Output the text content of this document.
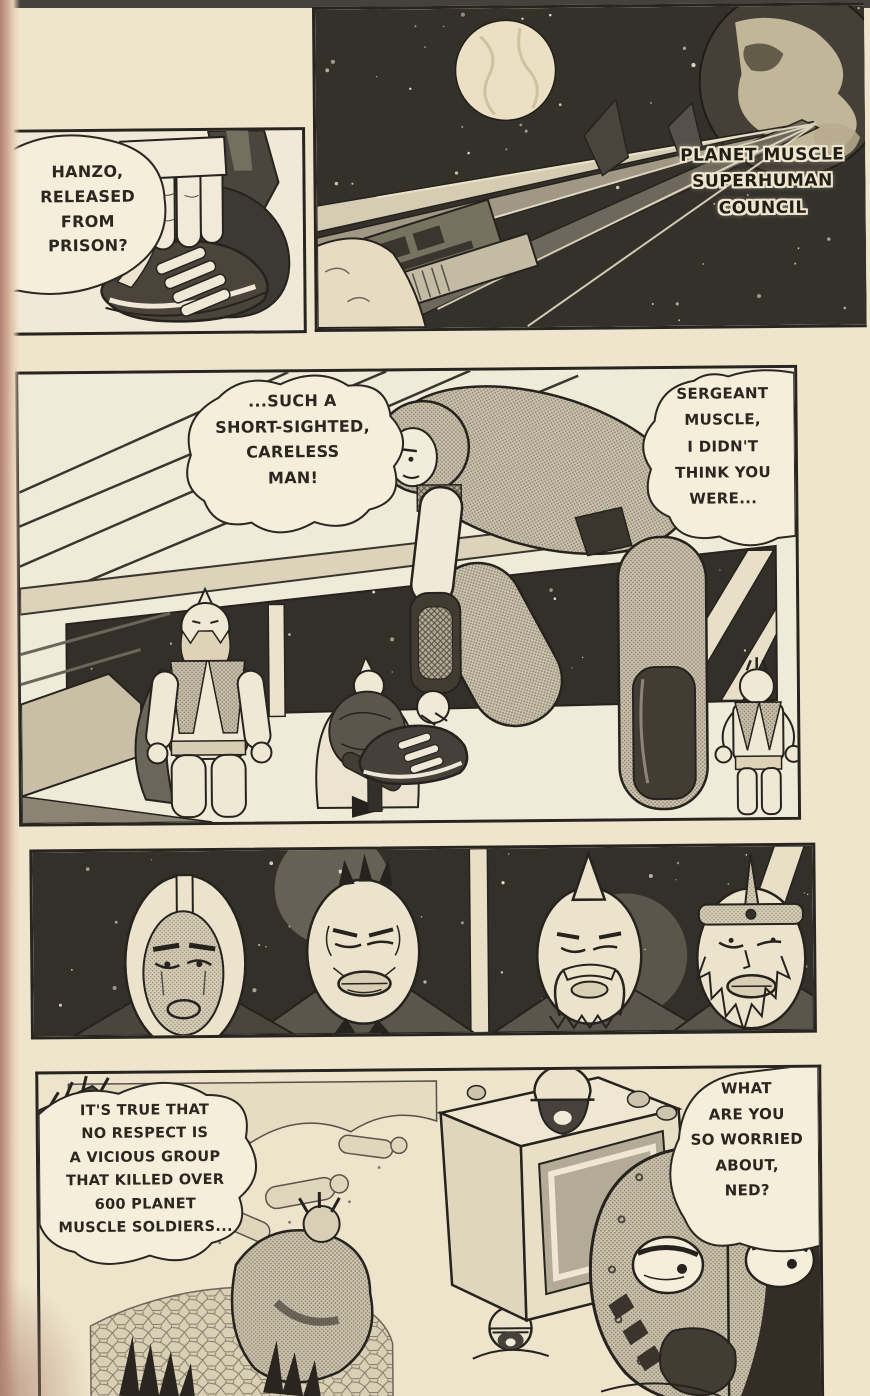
HANZO,
RELEASED
FROM
PRISON?
PLANET MUSCLE
SUPERHUMAN
COUNCIL
...SUCH A
SHORT-SIGHTED,
CARELESS
MAN!
SERGEANT
MUSCLE,
I DIDN'T
THINK YOU
WERE...
IT'S TRUE THAT
NO RESPECT IS
A VICIOUS GROUP
THAT KILLED OVER
600 PLANET
MUSCLE SOLDIERS...
WHAT
ARE YOU
SO WORRIED
ABOUT,
NED?
